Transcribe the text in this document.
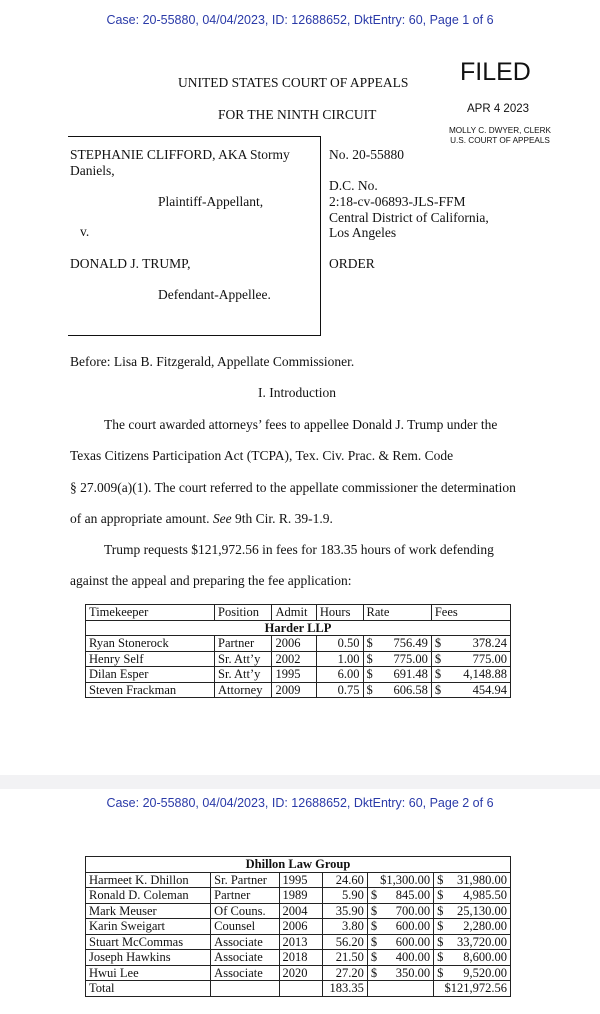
Case: 20-55880, 04/04/2023, ID: 12688652, DktEntry: 60, Page 1 of 6
UNITED STATES COURT OF APPEALS
FOR THE NINTH CIRCUIT
FILED
APR 4 2023
MOLLY C. DWYER, CLERK
U.S. COURT OF APPEALS
STEPHANIE CLIFFORD, AKA Stormy
Daniels,
Plaintiff-Appellant,
v.
DONALD J. TRUMP,
Defendant-Appellee.
No. 20-55880
D.C. No.
2:18-cv-06893-JLS-FFM
Central District of California,
Los Angeles
ORDER
Before: Lisa B. Fitzgerald, Appellate Commissioner.
I. Introduction
The court awarded attorneys’ fees to appellee Donald J. Trump under the
Texas Citizens Participation Act (TCPA), Tex. Civ. Prac. & Rem. Code
§ 27.009(a)(1). The court referred to the appellate commissioner the determination
of an appropriate amount. See 9th Cir. R. 39-1.9.
Trump requests $121,972.56 in fees for 183.35 hours of work defending
against the appeal and preparing the fee application:
Timekeeper	Position	Admit	Hours	Rate	Fees
Harder LLP					
Ryan Stonerock	Partner	2006	0.50	$ 756.49	$ 378.24

Henry Self	Sr. Att’y	2002	1.00	$ 775.00	$ 775.00

Dilan Esper	Sr. Att’y	1995	6.00	$ 691.48	$ 4,148.88

Steven Frackman	Attorney	2009	0.75	$ 606.58	$ 454.94
Case: 20-55880, 04/04/2023, ID: 12688652, DktEntry: 60, Page 2 of 6
Dhillon Law Group					
Harmeet K. Dhillon	Sr. Partner	1995	24.60	$1,300.00	$ 31,980.00

Ronald D. Coleman	Partner	1989	5.90	$ 845.00	$ 4,985.50

Mark Meuser	Of Couns.	2004	35.90	$ 700.00	$ 25,130.00

Karin Sweigart	Counsel	2006	3.80	$ 600.00	$ 2,280.00

Stuart McCommas	Associate	2013	56.20	$ 600.00	$ 33,720.00

Joseph Hawkins	Associate	2018	21.50	$ 400.00	$ 8,600.00

Hwui Lee	Associate	2020	27.20	$ 350.00	$ 9,520.00

Total			183.35		$121,972.56
